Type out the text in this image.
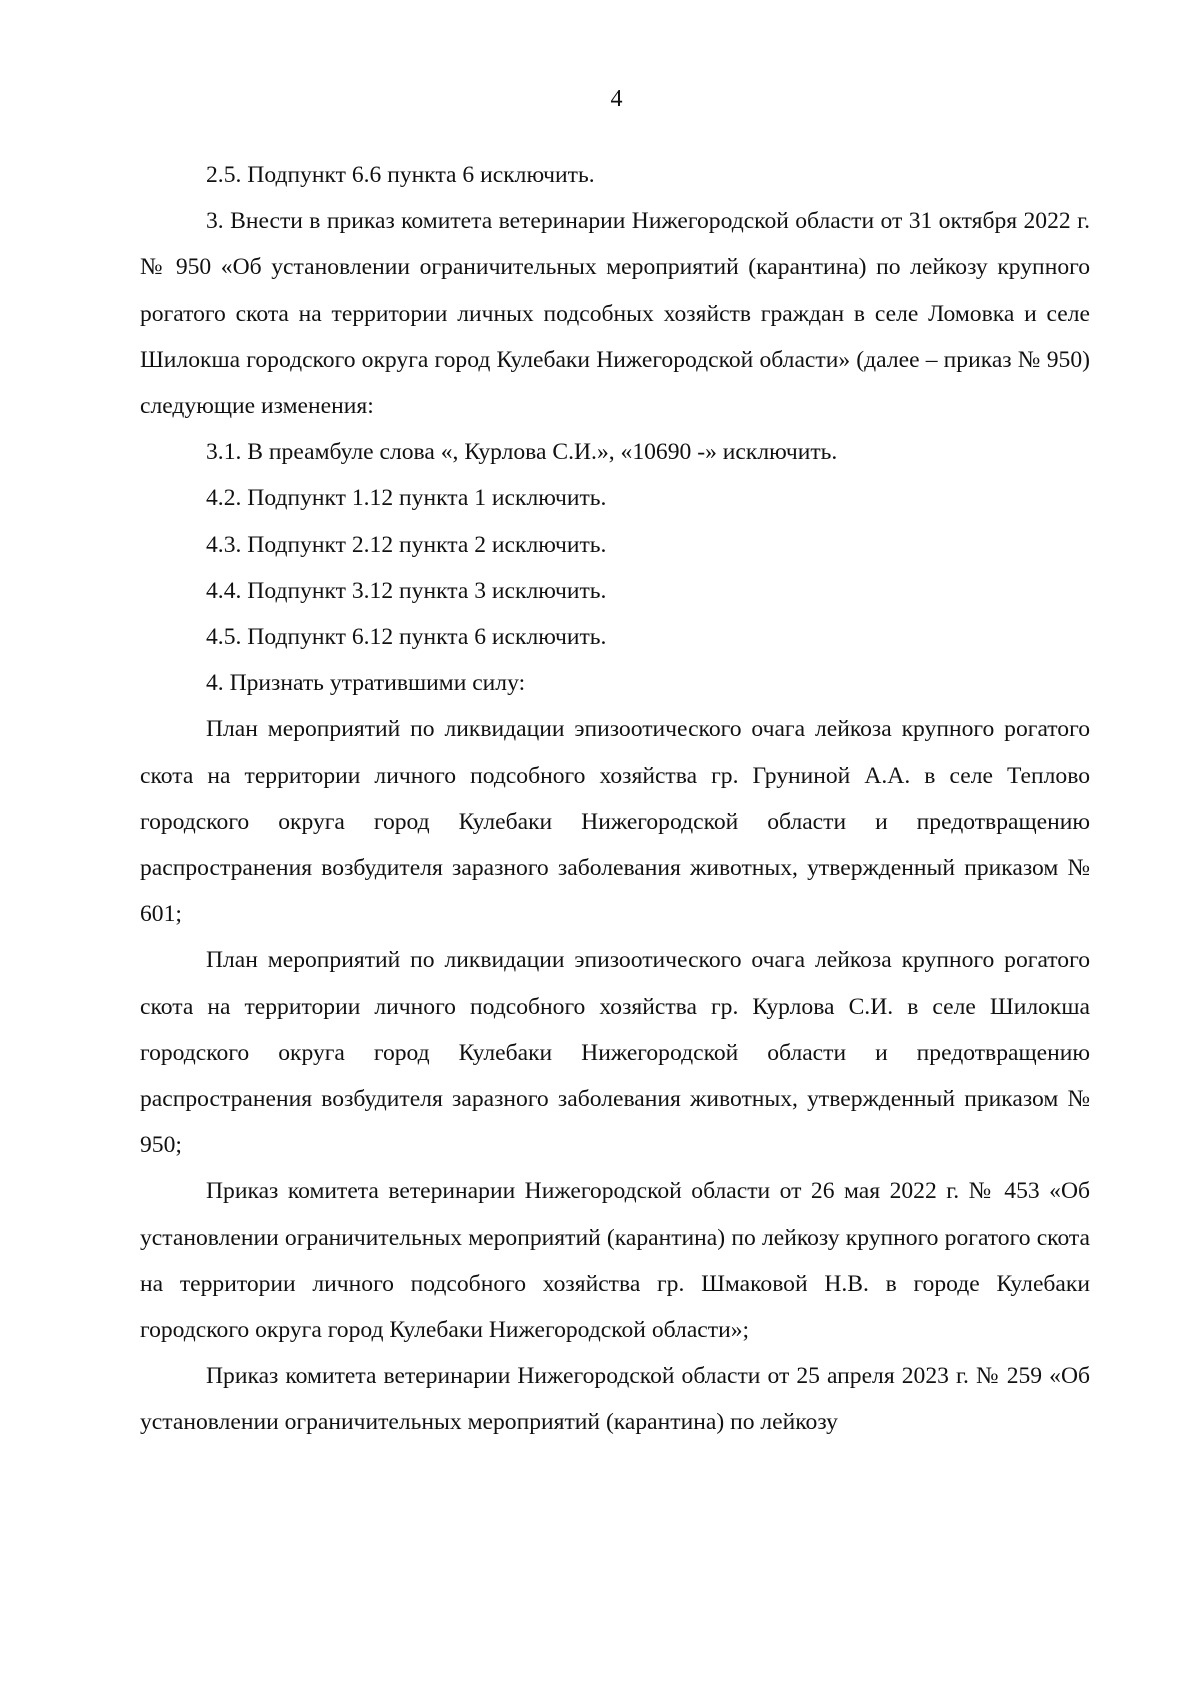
4

2.5. Подпункт 6.6 пункта 6 исключить.

3. Внести в приказ комитета ветеринарии Нижегородской области от 31 октября 2022 г. № 950 «Об установлении ограничительных мероприятий (карантина) по лейкозу крупного рогатого скота на территории личных подсобных хозяйств граждан в селе Ломовка и селе Шилокша городского округа город Кулебаки Нижегородской области» (далее – приказ № 950) следующие изменения:

3.1. В преамбуле слова «, Курлова С.И.», «10690 -» исключить.

4.2. Подпункт 1.12 пункта 1 исключить.

4.3. Подпункт 2.12 пункта 2 исключить.

4.4. Подпункт 3.12 пункта 3 исключить.

4.5. Подпункт 6.12 пункта 6 исключить.

4. Признать утратившими силу:

План мероприятий по ликвидации эпизоотического очага лейкоза крупного рогатого скота на территории личного подсобного хозяйства гр. Груниной А.А. в селе Теплово городского округа город Кулебаки Нижегородской области и предотвращению распространения возбудителя заразного заболевания животных, утвержденный приказом № 601;

План мероприятий по ликвидации эпизоотического очага лейкоза крупного рогатого скота на территории личного подсобного хозяйства гр. Курлова С.И. в селе Шилокша городского округа город Кулебаки Нижегородской области и предотвращению распространения возбудителя заразного заболевания животных, утвержденный приказом № 950;

Приказ комитета ветеринарии Нижегородской области от 26 мая 2022 г. № 453 «Об установлении ограничительных мероприятий (карантина) по лейкозу крупного рогатого скота на территории личного подсобного хозяйства гр. Шмаковой Н.В. в городе Кулебаки городского округа город Кулебаки Нижегородской области»;

Приказ комитета ветеринарии Нижегородской области от 25 апреля 2023 г. № 259 «Об установлении ограничительных мероприятий (карантина) по лейкозу
